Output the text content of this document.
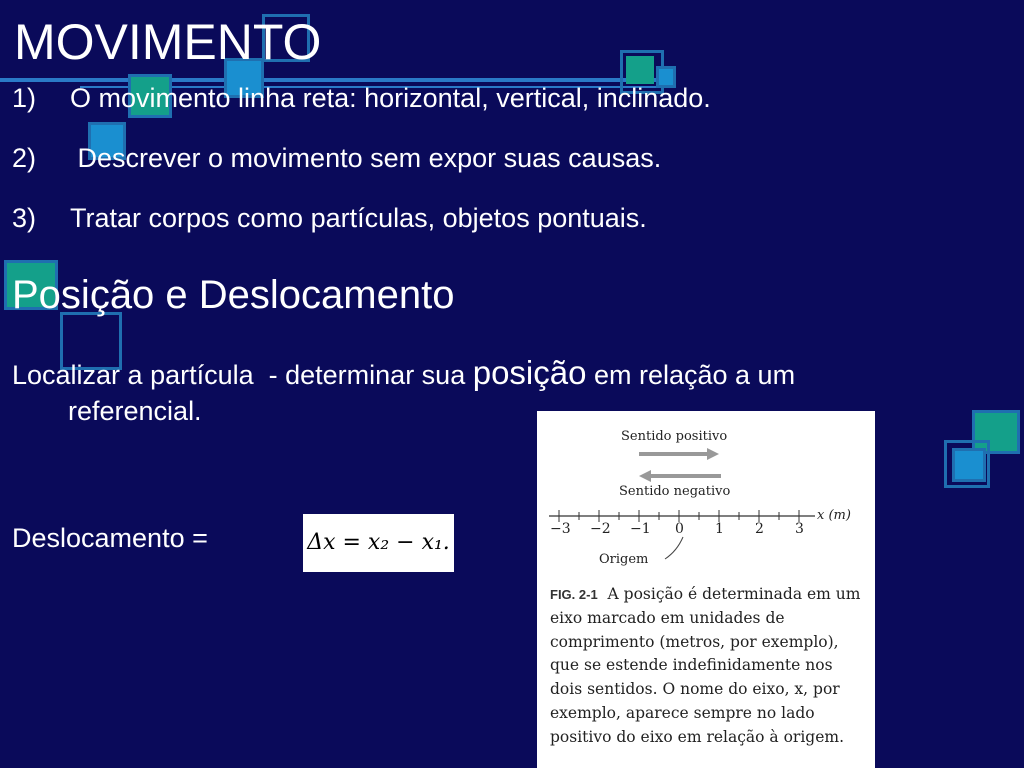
MOVIMENTO
1) O movimento linha reta: horizontal, vertical, inclinado.
2) Descrever o movimento sem expor suas causas.
3) Tratar corpos como partículas, objetos pontuais.
Posição e Deslocamento
Localizar a partícula  - determinar sua posição em relação a um
referencial.
Deslocamento =	Δx = x₂ − x₁.
Sentido positivo
Sentido negativo
−3 −2 −1 0 1 2 3
x (m)
Origem
FIG. 2-1 A posição é determinada em um eixo marcado em unidades de comprimento (metros, por exemplo), que se estende indefinidamente nos dois sentidos. O nome do eixo, x, por exemplo, aparece sempre no lado positivo do eixo em relação à origem.
